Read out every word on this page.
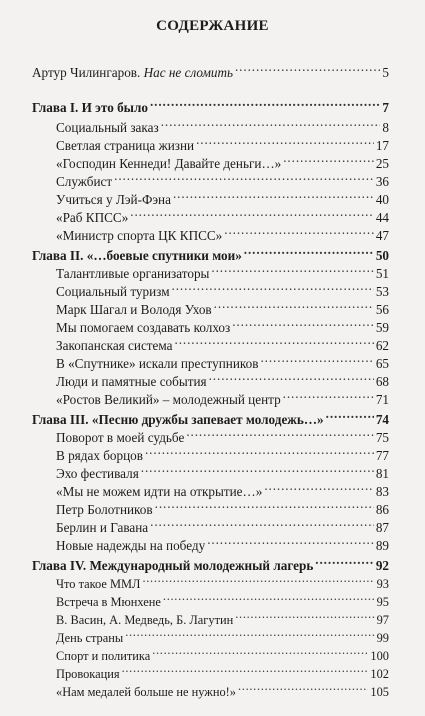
СОДЕРЖАНИЕ
Артур Чилингаров. Нас не сломить . . .	5
Глава I. И это было . . .	7
Социальный заказ . . .	8
Светлая страница жизни . . .	17
«Господин Кеннеди! Давайте деньги…» . . .	25
Службист . . .	36
Учиться у Лэй-Фэна . . .	40
«Раб КПСС» . . .	44
«Министр спорта ЦК КПСС» . . .	47
Глава II. «…боевые спутники мои» . . .	50
Талантливые организаторы . . .	51
Социальный туризм . . .	53
Марк Шагал и Володя Ухов . . .	56
Мы помогаем создавать колхоз . . .	59
Закопанская система . . .	62
В «Спутнике» искали преступников . . .	65
Люди и памятные события . . .	68
«Ростов Великий» – молодежный центр . . .	71
Глава III. «Песню дружбы запевает молодежь…» . . .	74
Поворот в моей судьбе . . .	75
В рядах борцов . . .	77
Эхо фестиваля . . .	81
«Мы не можем идти на открытие…» . . .	83
Петр Болотников . . .	86
Берлин и Гавана . . .	87
Новые надежды на победу . . .	89
Глава IV. Международный молодежный лагерь . . .	92
Что такое ММЛ . . .	93
Встреча в Мюнхене . . .	95
В. Васин, А. Медведь, Б. Лагутин . . .	97
День страны . . .	99
Спорт и политика . . .	100
Провокация . . .	102
«Нам медалей больше не нужно!» . . .	105
